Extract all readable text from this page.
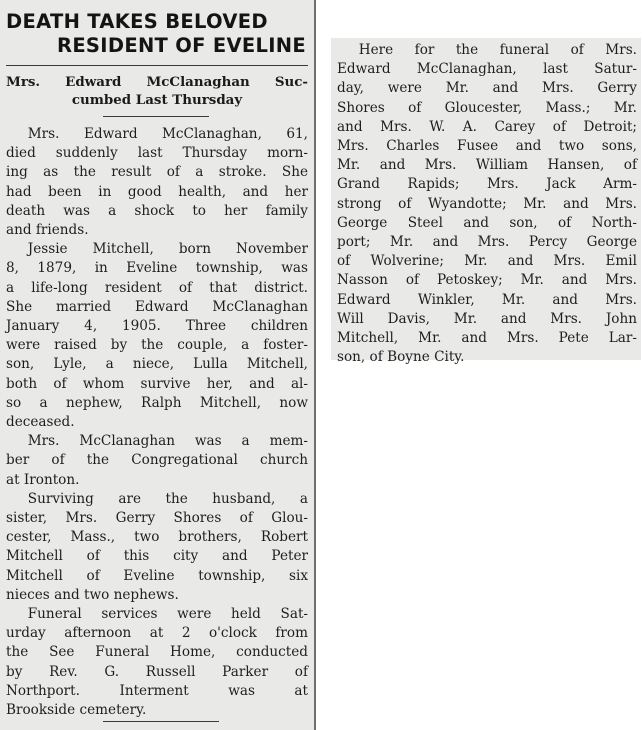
DEATH TAKES BELOVED
RESIDENT OF EVELINE
Mrs. Edward McClanaghan Suc-
cumbed Last Thursday
Mrs. Edward McClanaghan, 61,
died suddenly last Thursday morn-
ing as the result of a stroke. She
had been in good health, and her
death was a shock to her family
and friends.
Jessie Mitchell, born November
8, 1879, in Eveline township, was
a life-long resident of that district.
She married Edward McClanaghan
January 4, 1905. Three children
were raised by the couple, a foster-
son, Lyle, a niece, Lulla Mitchell,
both of whom survive her, and al-
so a nephew, Ralph Mitchell, now
deceased.
Mrs. McClanaghan was a mem-
ber of the Congregational church
at Ironton.
Surviving are the husband, a
sister, Mrs. Gerry Shores of Glou-
cester, Mass., two brothers, Robert
Mitchell of this city and Peter
Mitchell of Eveline township, six
nieces and two nephews.
Funeral services were held Sat-
urday afternoon at 2 o'clock from
the See Funeral Home, conducted
by Rev. G. Russell Parker of
Northport. Interment was at
Brookside cemetery.
Here for the funeral of Mrs.
Edward McClanaghan, last Satur-
day, were Mr. and Mrs. Gerry
Shores of Gloucester, Mass.; Mr.
and Mrs. W. A. Carey of Detroit;
Mrs. Charles Fusee and two sons,
Mr. and Mrs. William Hansen, of
Grand Rapids; Mrs. Jack Arm-
strong of Wyandotte; Mr. and Mrs.
George Steel and son, of North-
port; Mr. and Mrs. Percy George
of Wolverine; Mr. and Mrs. Emil
Nasson of Petoskey; Mr. and Mrs.
Edward Winkler, Mr. and Mrs.
Will Davis, Mr. and Mrs. John
Mitchell, Mr. and Mrs. Pete Lar-
son, of Boyne City.
